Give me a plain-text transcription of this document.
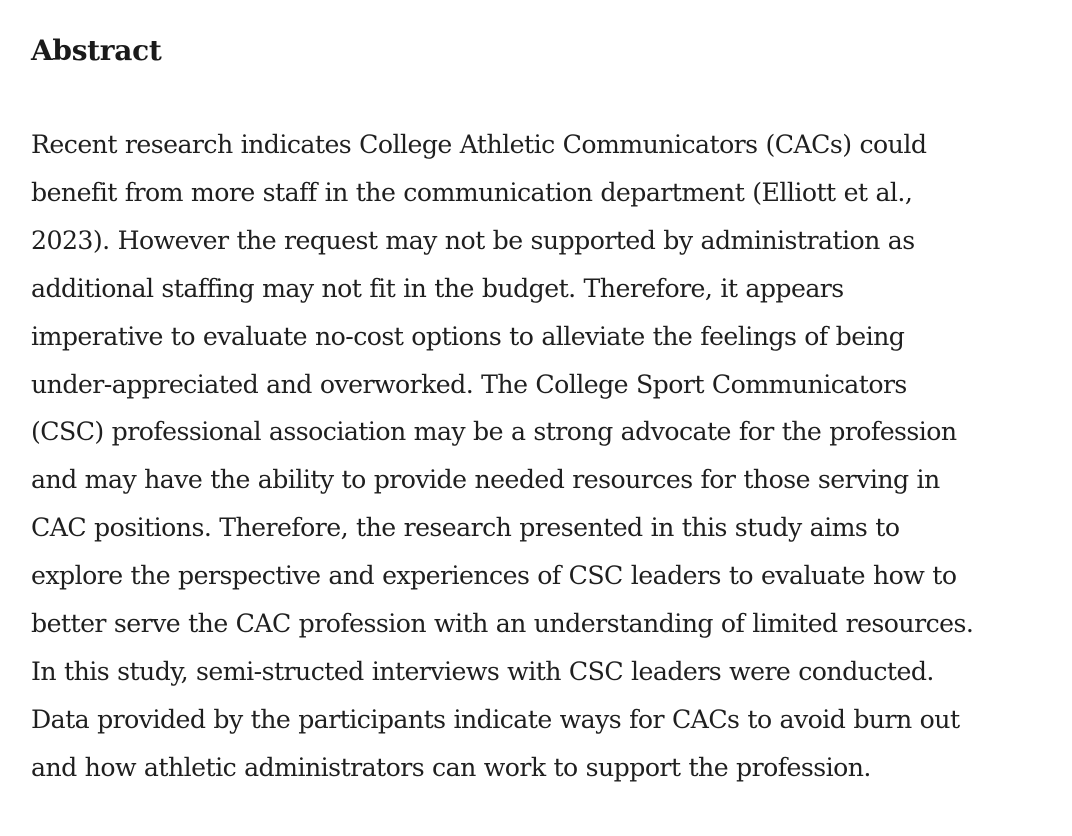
Abstract

Recent research indicates College Athletic Communicators (CACs) could
benefit from more staff in the communication department (Elliott et al.,
2023). However the request may not be supported by administration as
additional staffing may not fit in the budget. Therefore, it appears
imperative to evaluate no-cost options to alleviate the feelings of being
under-appreciated and overworked. The College Sport Communicators
(CSC) professional association may be a strong advocate for the profession
and may have the ability to provide needed resources for those serving in
CAC positions. Therefore, the research presented in this study aims to
explore the perspective and experiences of CSC leaders to evaluate how to
better serve the CAC profession with an understanding of limited resources.
In this study, semi-structed interviews with CSC leaders were conducted.
Data provided by the participants indicate ways for CACs to avoid burn out
and how athletic administrators can work to support the profession.
